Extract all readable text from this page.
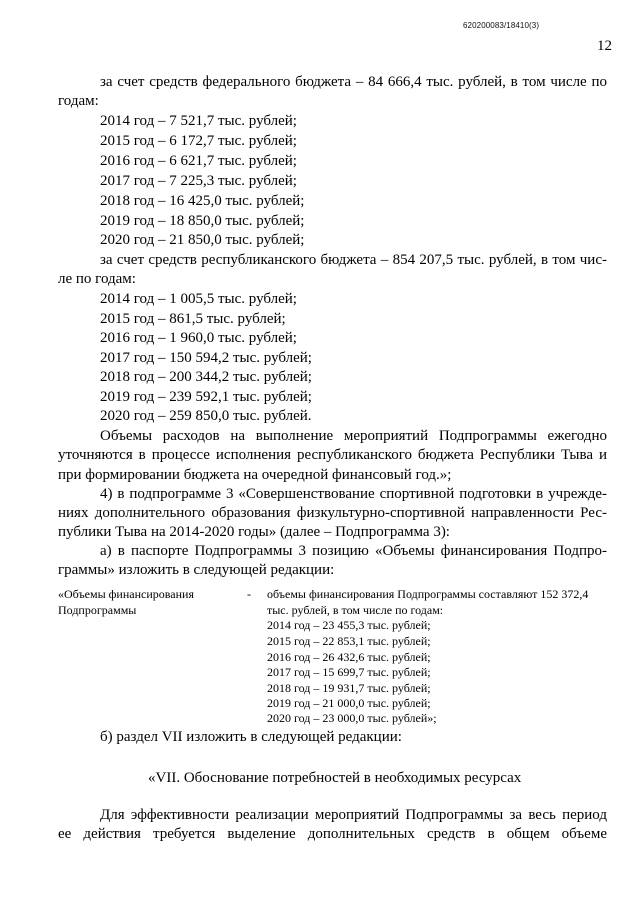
620200083/18410(3)
12
за счет средств федерального бюджета – 84 666,4 тыс. рублей, в том числе по
годам:
2014 год – 7 521,7 тыс. рублей;
2015 год – 6 172,7 тыс. рублей;
2016 год – 6 621,7 тыс. рублей;
2017 год – 7 225,3 тыс. рублей;
2018 год – 16 425,0 тыс. рублей;
2019 год – 18 850,0 тыс. рублей;
2020 год – 21 850,0 тыс. рублей;
за счет средств республиканского бюджета – 854 207,5 тыс. рублей, в том чис-
ле по годам:
2014 год – 1 005,5 тыс. рублей;
2015 год – 861,5 тыс. рублей;
2016 год – 1 960,0 тыс. рублей;
2017 год – 150 594,2 тыс. рублей;
2018 год – 200 344,2 тыс. рублей;
2019 год – 239 592,1 тыс. рублей;
2020 год – 259 850,0 тыс. рублей.
Объемы расходов на выполнение мероприятий Подпрограммы ежегодно
уточняются в процессе исполнения республиканского бюджета Республики Тыва и
при формировании бюджета на очередной финансовый год.»;
4) в подпрограмме 3 «Совершенствование спортивной подготовки в учрежде-
ниях дополнительного образования физкультурно-спортивной направленности Рес-
публики Тыва на 2014-2020 годы» (далее – Подпрограмма 3):
а) в паспорте Подпрограммы 3 позицию «Объемы финансирования Подпро-
граммы» изложить в следующей редакции:
«Объемы финансирования
Подпрограммы
- объемы финансирования Подпрограммы составляют 152 372,4
тыс. рублей, в том числе по годам:
2014 год – 23 455,3 тыс. рублей;
2015 год – 22 853,1 тыс. рублей;
2016 год – 26 432,6 тыс. рублей;
2017 год – 15 699,7 тыс. рублей;
2018 год – 19 931,7 тыс. рублей;
2019 год – 21 000,0 тыс. рублей;
2020 год – 23 000,0 тыс. рублей»;
б) раздел VII изложить в следующей редакции:
«VII. Обоснование потребностей в необходимых ресурсах
Для эффективности реализации мероприятий Подпрограммы за весь период
ее действия требуется выделение дополнительных средств в общем объеме
